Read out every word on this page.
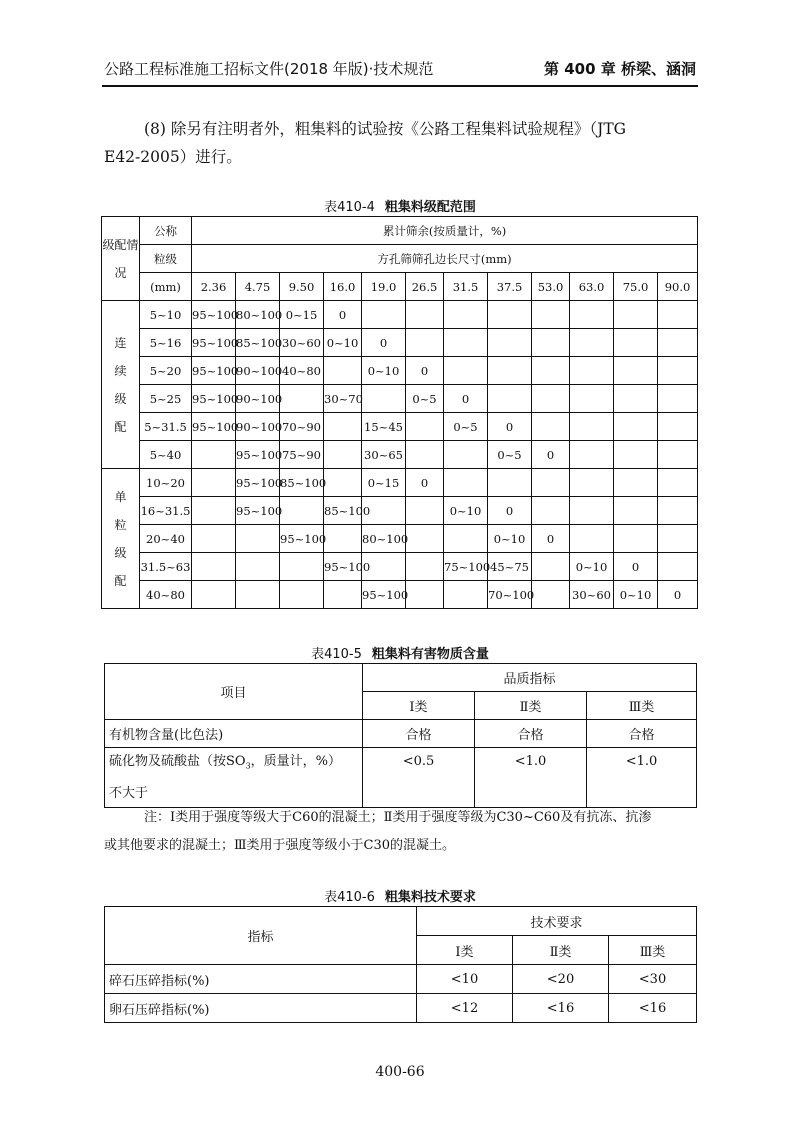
公路工程标准施工招标文件(2018 年版)·技术规范	第 400 章 桥梁、涵洞
(8) 除另有注明者外，粗集料的试验按《公路工程集料试验规程》（JTG
E42-2005）进行。
表410-4 粗集料级配范围
级配情况	公称	累计筛余(按质量计，%)											
	粒级	方孔筛筛孔边长尺寸(mm)											
	(mm)	2.36	4.75	9.50	16.0	19.0	26.5	31.5	37.5	53.0	63.0	75.0	90.0
连续级配	5~10	95~100	80~100	0~15	0								
	5~16	95~100	85~100	30~60	0~10	0							
	5~20	95~100	90~100	40~80		0~10	0						
	5~25	95~100	90~100		30~70		0~5	0					
	5~31.5	95~100	90~100	70~90		15~45		0~5	0				
	5~40		95~100	75~90		30~65			0~5	0			
单粒级配	10~20		95~100	85~100		0~15	0						
	16~31.5		95~100		85~100			0~10	0				
	20~40			95~100		80~100			0~10	0			
	31.5~63				95~100			75~100	45~75		0~10	0	
	40~80					95~100			70~100		30~60	0~10	0
表410-5 粗集料有害物质含量
项目	品质指标		
	Ⅰ类	Ⅱ类	Ⅲ类
有机物含量(比色法)	合格	合格	合格
硫化物及硫酸盐（按$SO_3$，质量计，%）
不大于	<0.5	<1.0	<1.0
注：Ⅰ类用于强度等级大于C60的混凝土；Ⅱ类用于强度等级为C30~C60及有抗冻、抗渗
或其他要求的混凝土；Ⅲ类用于强度等级小于C30的混凝土。
表410-6 粗集料技术要求
指标	技术要求		
	Ⅰ类	Ⅱ类	Ⅲ类
碎石压碎指标(%)	<10	<20	<30
卵石压碎指标(%)	<12	<16	<16
400-66
